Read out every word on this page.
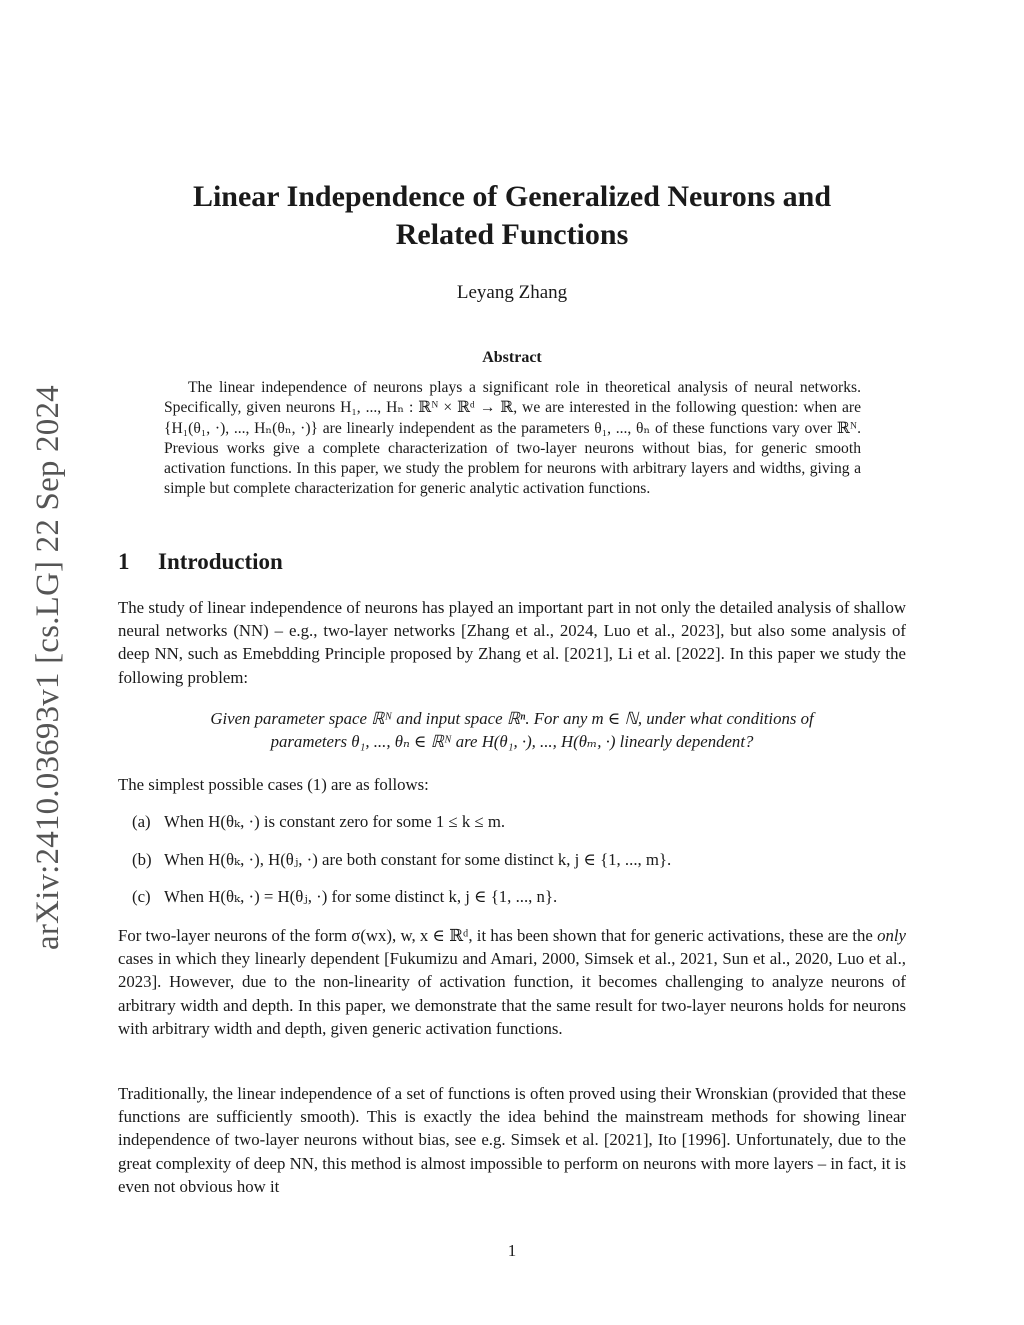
arXiv:2410.03693v1 [cs.LG] 22 Sep 2024
Linear Independence of Generalized Neurons and
Related Functions
Leyang Zhang
Abstract
The linear independence of neurons plays a significant role in theoretical analysis of neural networks. Specifically, given neurons H₁, ..., Hₙ : ℝᴺ × ℝᵈ → ℝ, we are interested in the following question: when are {H₁(θ₁, ·), ..., Hₙ(θₙ, ·)} are linearly independent as the parameters θ₁, ..., θₙ of these functions vary over ℝᴺ. Previous works give a complete characterization of two-layer neurons without bias, for generic smooth activation functions. In this paper, we study the problem for neurons with arbitrary layers and widths, giving a simple but complete characterization for generic analytic activation functions.
1 Introduction
The study of linear independence of neurons has played an important part in not only the detailed analysis of shallow neural networks (NN) – e.g., two-layer networks [Zhang et al., 2024, Luo et al., 2023], but also some analysis of deep NN, such as Emebdding Principle proposed by Zhang et al. [2021], Li et al. [2022]. In this paper we study the following problem:
Given parameter space ℝᴺ and input space ℝⁿ. For any m ∈ ℕ, under what conditions of
parameters θ₁, ..., θₙ ∈ ℝᴺ are H(θ₁, ·), ..., H(θₘ, ·) linearly dependent?
The simplest possible cases (1) are as follows:
(a) When H(θₖ, ·) is constant zero for some 1 ≤ k ≤ m.
(b) When H(θₖ, ·), H(θⱼ, ·) are both constant for some distinct k, j ∈ {1, ..., m}.
(c) When H(θₖ, ·) = H(θⱼ, ·) for some distinct k, j ∈ {1, ..., n}.
For two-layer neurons of the form σ(wx), w, x ∈ ℝᵈ, it has been shown that for generic activations, these are the only cases in which they linearly dependent [Fukumizu and Amari, 2000, Simsek et al., 2021, Sun et al., 2020, Luo et al., 2023]. However, due to the non-linearity of activation function, it becomes challenging to analyze neurons of arbitrary width and depth. In this paper, we demonstrate that the same result for two-layer neurons holds for neurons with arbitrary width and depth, given generic activation functions.
Traditionally, the linear independence of a set of functions is often proved using their Wronskian (provided that these functions are sufficiently smooth). This is exactly the idea behind the mainstream methods for showing linear independence of two-layer neurons without bias, see e.g. Simsek et al. [2021], Ito [1996]. Unfortunately, due to the great complexity of deep NN, this method is almost impossible to perform on neurons with more layers – in fact, it is even not obvious how it
1
